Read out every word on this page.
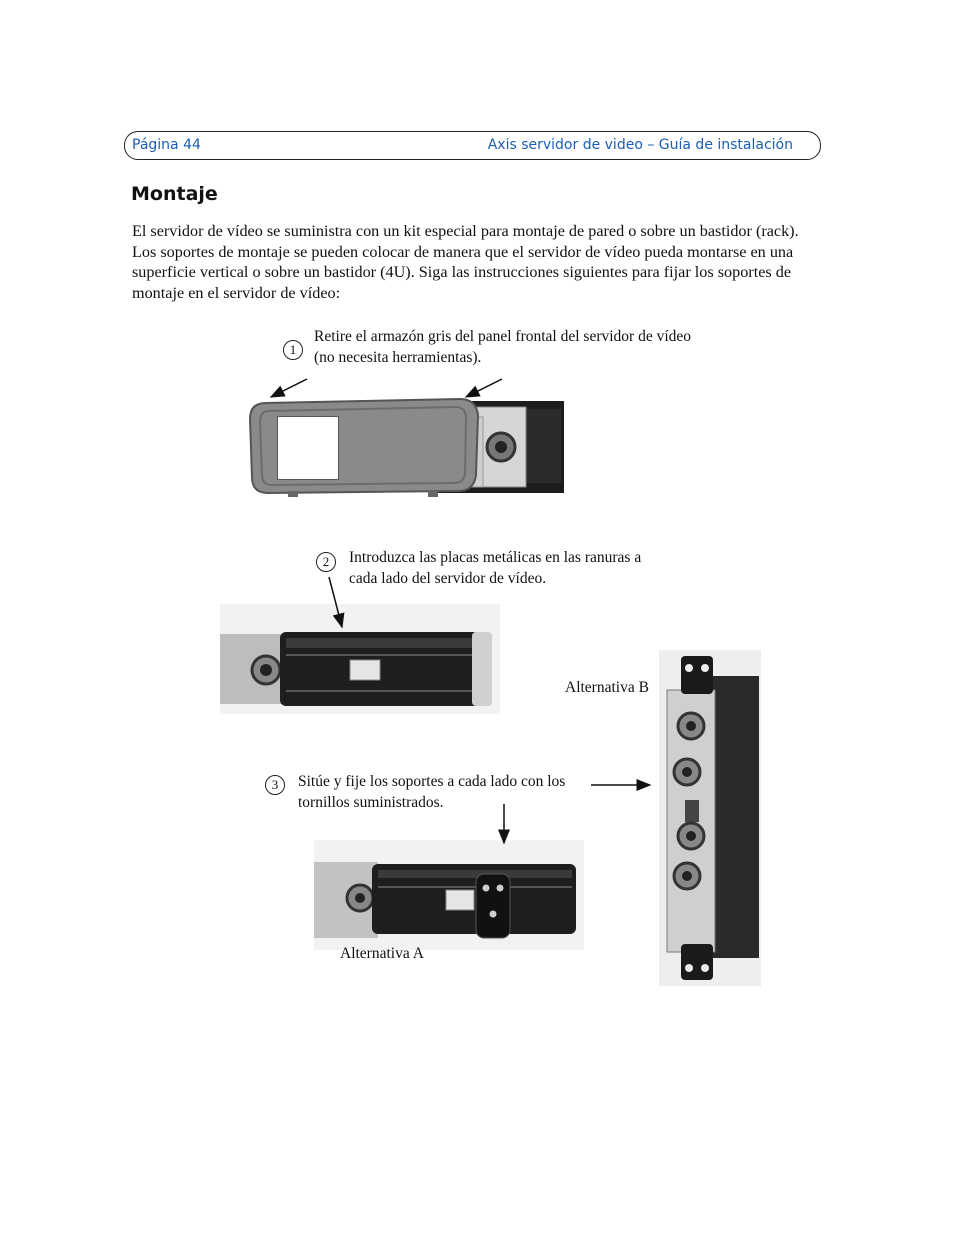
Página 44	Axis servidor de video – Guía de instalación
Montaje

El servidor de vídeo se suministra con un kit especial para montaje de pared o sobre un bastidor (rack). Los soportes de montaje se pueden colocar de manera que el servidor de vídeo pueda montarse en una superficie vertical o sobre un bastidor (4U). Siga las instrucciones siguientes para fijar los soportes de montaje en el servidor de vídeo:

1

Retire el armazón gris del panel frontal del servidor de vídeo (no necesita herramientas).

2	Introduzca las placas metálicas en las ranuras a cada lado del servidor de vídeo.

Alternativa B
3	Sitúe y fije los soportes a cada lado con los tornillos suministrados.

Alternativa A
